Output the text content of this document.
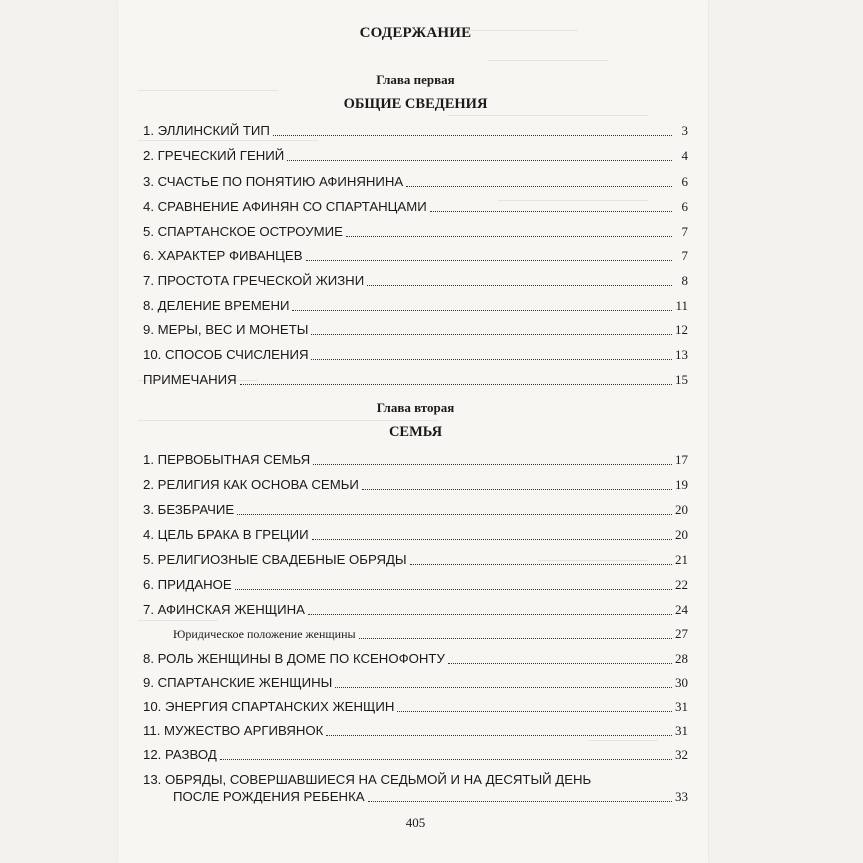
СОДЕРЖАНИЕ
Глава первая
ОБЩИЕ СВЕДЕНИЯ
1. ЭЛЛИНСКИЙ ТИП	3
2. ГРЕЧЕСКИЙ ГЕНИЙ	4
3. СЧАСТЬЕ ПО ПОНЯТИЮ АФИНЯНИНА	6
4. СРАВНЕНИЕ АФИНЯН СО СПАРТАНЦАМИ	6
5. СПАРТАНСКОЕ ОСТРОУМИЕ	7
6. ХАРАКТЕР ФИВАНЦЕВ	7
7. ПРОСТОТА ГРЕЧЕСКОЙ ЖИЗНИ	8
8. ДЕЛЕНИЕ ВРЕМЕНИ	11
9. МЕРЫ, ВЕС И МОНЕТЫ	12
10. СПОСОБ СЧИСЛЕНИЯ	13
ПРИМЕЧАНИЯ	15
Глава вторая
СЕМЬЯ
1. ПЕРВОБЫТНАЯ СЕМЬЯ	17
2. РЕЛИГИЯ КАК ОСНОВА СЕМЬИ	19
3. БЕЗБРАЧИЕ	20
4. ЦЕЛЬ БРАКА В ГРЕЦИИ	20
5. РЕЛИГИОЗНЫЕ СВАДЕБНЫЕ ОБРЯДЫ	21
6. ПРИДАНОЕ	22
7. АФИНСКАЯ ЖЕНЩИНА	24
Юридическое положение женщины	27
8. РОЛЬ ЖЕНЩИНЫ В ДОМЕ ПО КСЕНОФОНТУ	28
9. СПАРТАНСКИЕ ЖЕНЩИНЫ	30
10. ЭНЕРГИЯ СПАРТАНСКИХ ЖЕНЩИН	31
11. МУЖЕСТВО АРГИВЯНОК	31
12. РАЗВОД	32
13. ОБРЯДЫ, СОВЕРШАВШИЕСЯ НА СЕДЬМОЙ И НА ДЕСЯТЫЙ ДЕНЬ
ПОСЛЕ РОЖДЕНИЯ РЕБЕНКА	33
405
